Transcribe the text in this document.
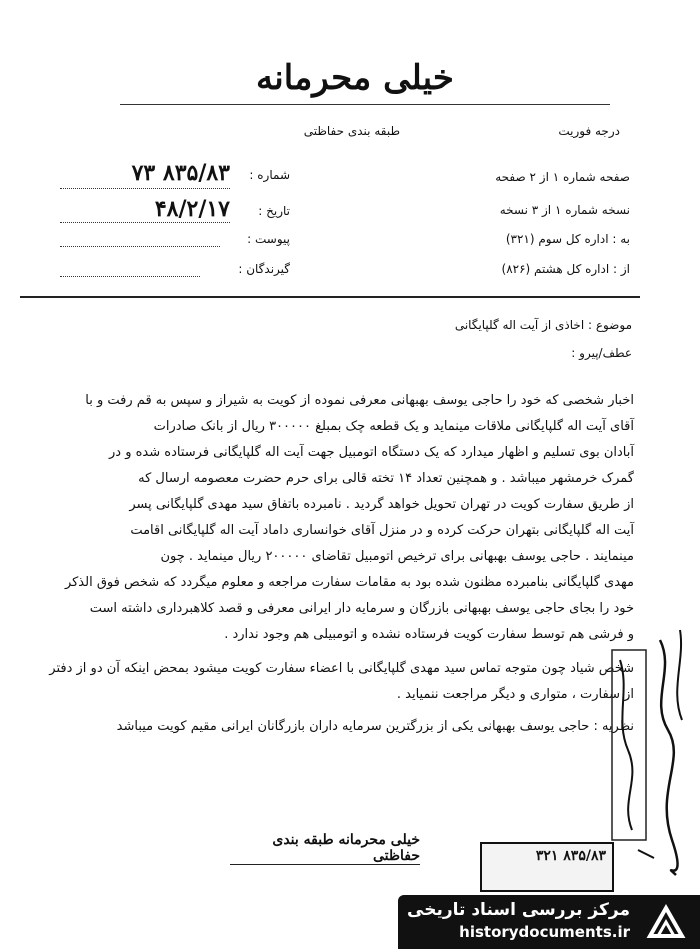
خیلی محرمانه
درجه فوریت
طبقه بندی حفاظتی
شماره :
۸۳۵/۸۳ ۷۳
تاریخ :
۴۸/۲/۱۷
پیوست :
گیرندگان :
صفحه شماره ۱ از ۲ صفحه
نسخه شماره ۱ از ۳ نسخه
به : اداره کل سوم (۳۲۱)
از : اداره کل هشتم (۸۲۶)
موضوع : اخاذی از آیت اله گلپایگانی
عطف/پیرو :
اخبار شخصی که خود را حاجی یوسف بهبهانی معرفی نموده از کویت به شیراز و سپس به قم رفت و با
آقای آیت اله گلپایگانی ملاقات مینماید و یک قطعه چک بمبلغ ۳۰۰۰۰۰ ریال از بانک صادرات
آبادان بوی تسلیم و اظهار میدارد که یک دستگاه اتومبیل جهت آیت اله گلپایگانی فرستاده شده و در
گمرک خرمشهر میباشد . و همچنین تعداد ۱۴ تخته قالی برای حرم حضرت معصومه ارسال که
از طریق سفارت کویت در تهران تحویل خواهد گردید . نامبرده باتفاق سید مهدی گلپایگانی پسر
آیت اله گلپایگانی بتهران حرکت کرده و در منزل آقای خوانساری داماد آیت اله گلپایگانی اقامت
مینمایند . حاجی یوسف بهبهانی برای ترخیص اتومبیل تقاضای ۲۰۰۰۰۰ ریال مینماید . چون
مهدی گلپایگانی بنامبرده مظنون شده بود به مقامات سفارت مراجعه و معلوم میگردد که شخص فوق الذکر
خود را بجای حاجی یوسف بهبهانی بازرگان و سرمایه دار ایرانی معرفی و قصد کلاهبرداری داشته است
و فرشی هم توسط سفارت کویت فرستاده نشده و اتومبیلی هم وجود ندارد .
شخص شیاد چون متوجه تماس سید مهدی گلپایگانی با اعضاء سفارت کویت میشود بمحض اینکه آن دو از دفتر
از سفارت ، متواری و دیگر مراجعت ننمیاید .
نظریه : حاجی یوسف بهبهانی یکی از بزرگترین سرمایه داران بازرگانان ایرانی مقیم کویت میباشد
خیلی محرمانه طبقه بندی حفاظتی	۸۳۵/۸۳ ۳۲۱
مرکز بررسی اسناد تاریخی
historydocuments.ir
